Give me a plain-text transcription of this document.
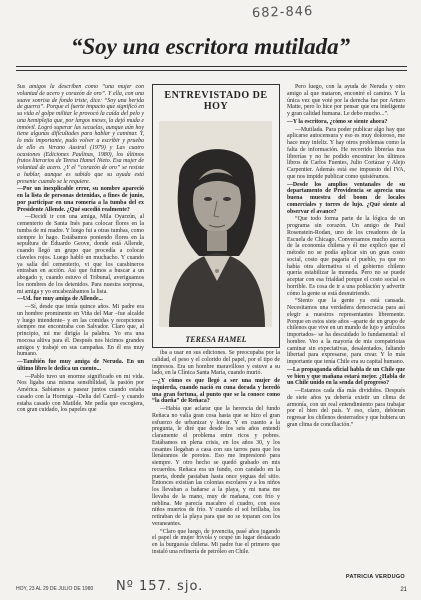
682-846
“Soy una escritora mutilada”

Sus amigos la describen como “una mujer con voluntad de acero y corazón de oro”. Y ella, con una suave sonrisa de fondo triste, dice: “Soy una herida de guerra”. Porque el fuerte impacto que significó en su vida el golpe militar le provocó la caída del pelo y una hemiplejia que, por largos meses, la dejó muda e inmóvil. Logró superar las secuelas, aunque aún hoy tiene algunas dificultades para hablar y caminar. Y, lo más importante, pudo volver a escribir y prueba de ello es Verano Austral (1979) y Las cuatro ocasiones (Ediciones Paulinas, 1980), los últimos frutos literarios de Teresa Hamel Nieto. Esa mujer de voluntad de acero. ¿Y el “corazón de oro” se resiste a hablar, aunque es sabido que su ayuda está presente cuando se le requiere.

—Por un inexplicable error, su nombre apareció en la lista de personas detenidas, a fines de junio, por participar en una romería a la tumba del ex Presidente Allende. ¿Qué sucedió realmente?

—Decidí ir con una amiga, Mila Oyarzún, al cementerio de Santa Inés para colocar flores en la tumba de mi madre. Y luego fui a otras tumbas, como siempre lo hago. Estábamos poniendo flores en la sepultura de Eduardo Geove, donde está Allende, cuando llegó un grupo que procedía a colocar claveles rojos. Luego habló un muchacho. Y cuando ya salía del cementerio, vi que los carabineros entraban en acción. Así que fuimos a buscar a un abogado y, cuando estuvo el Tribunal, averiguamos los nombres de los detenidos. Para nuestra sorpresa, mi amiga y yo encabezábamos la lista.

—Ud. fue muy amiga de Allende...

—Sí, desde que tenía quince años. Mi padre era un hombre prominente en Viña del Mar –fue alcalde y luego intendente– y en las comidas y recepciones siempre me encontraba con Salvador. Claro que, al principio, mi me dirigía la palabra. Yo era una mocosa altiva para él. Después nos hicimos grandes amigos y trabajé en sus campañas. En él era muy humano.

—También fue muy amiga de Neruda. En un último libro le dedica un cuento...

—Pablo tuvo un enorme significado en mi vida. Nos ligaba una misma sensibilidad, la pasión por América. Sabíamos a pasear juntos cuando estaba casado con la Hormiga –Delia del Carril– y cuando estaba casado con Matilde. Me pedía que escogiera, con gran cuidado, los papeles que

ENTREVISTADO DE HOY
TERESA HAMEL

iba a usar en sus ediciones. Se preocupaba por la calidad, el peso y el colorido del papel, por el tipo de impresos. Era un hombre maravilloso y estuve a su lado, en la Clínica Santa María, cuando murió.

—¿Y cómo es que llegó a ser una mujer de izquierda, cuando nació en cuna dorada y heredó una gran fortuna, al punto que se la conoce como “la dueña” de Reñaca?

—Había que aclarar que la herencia del fundo Reñaca no valía gran cosa hasta que se hizo el gran esfuerzo de urbanizar y lotear. Y en cuanto a la pregunta, le diré que desde los seis años entendí claramente el problema entre ricos y pobres. Estábamos en plena crisis, en los años 30, y los cesantes llegaban a casa con sus tarros para que los llenáramos de porotos. Eso me impresionó para siempre. Y otro hecho se quedó grabado en mis recuerdos. Reñaca era un fundo, con candado en la puerta, donde pastaban hasta once yeguas del sitio. Entonces existían las colonias escolares y a los niños los llevaban a bañarse a la playa, y mi nana me llevaba de la mano, muy de mañana, con frío y neblina. Me parecía macabro el cuadro, con esos niños muertos de frío. Y cuando el sol brillaba, los retiraban de la playa para que no se toparan con los veraneantes.

“Claro que luego, de jovencita, pasé años jugando el papel de mujer frívola y ocupé un lugar destacado en la burguesía chilena. Mi padre fue el primero que instaló una refinería de petróleo en Chile.

Pero luego, con la ayuda de Neruda y otro amigo al que mataron, encontré el camino. Y la única vez que voté por la derecha fue por Arturo Matte, pero lo hice por pensar que era inteligente y gran calidad humana. Le debo mucho...”.

—Y la escritora, ¿cómo se siente ahora?

—Mutilada. Para poder publicar algo hay que aplicarse autocensura y eso es muy doloroso, me hace muy infeliz. Y hay otros problemas como la falta de información. He recorrido librerías tras librerías y no he podido encontrar los últimos libros de Carlos Fuentes, Julio Cortázar y Alejo Carpentier. Además está ese impuesto del IVA, que nos impide publicar como quisiéramos.

—Desde los amplios ventanales de su departamento de Providencia se aprecia una buena muestra del boom de locales comerciales y torres de lujo. ¿Qué siente al observar el avance?

“Que todo forma parte de la lógica de un programa sin corazón. Un amigo de Paul Rosenstein-Rodan, uno de los creadores de la Escuela de Chicago. Conversamos mucho acerca de la economía chilena y él me explicó que el método no se podía aplicar sin un gran costo social, costo que pagaría el pueblo, ya que no había otra alternativa si el gobierno chileno quería estabilizar la moneda. Pero no se puede aceptar con esa frialdad porque el costo social es horrible. Es cosa de ir a una población y advertir cómo la gente se está desnutriendo.

“Siento que la gente ya está cansada. Necesitamos una verdadera democracia para así elegir a nuestros representantes libremente. Porque en estos siete años –aparte de un grupo de chilenos que vive en un mundo de lujo y artículos importados– se ha descuidado lo fundamental: el hombre. Veo a la mayoría de mis compatriotas caminar sin expectativas, desalentados, faltando libertad para expresarse, para crear. Y lo más importante que tenía Chile era su capital humano.

—La propaganda oficial habla de un Chile que ve bien y que mañana estará mejor. ¿Habla de un Chile unido en la senda del progreso?

—Estamos cada día más divididos. Después de siete años ya debería existir un clima de armonía, con un real entendimiento para trabajar por el bien del país. Y eso, claro, debieran regresar los chilenos desterrados y que hubiera un gran clima de conciliación.”

PATRICIA VERDUGO
HOY, 23 AL 29 DE JULIO DE 1980	Nº 157. sjo.	21
